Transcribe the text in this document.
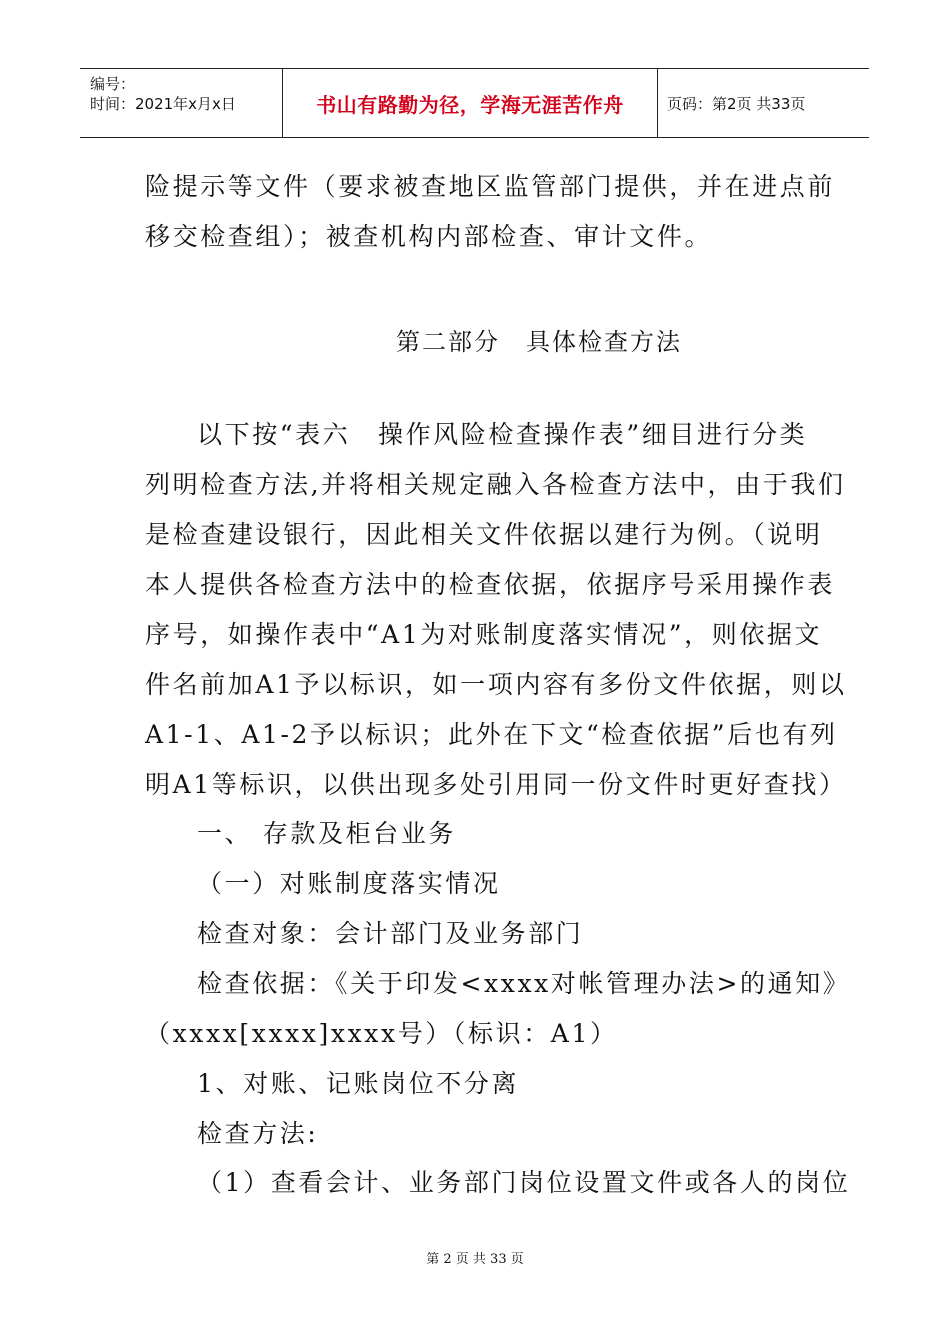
编号：
时间：2021年x月x日	书山有路勤为径，学海无涯苦作舟	页码：第2页 共33页
险提示等文件（要求被查地区监管部门提供，并在进点前
移交检查组）；被查机构内部检查、审计文件。
第二部分　具体检查方法
以下按“表六　操作风险检查操作表”细目进行分类
列明检查方法,并将相关规定融入各检查方法中，由于我们
是检查建设银行，因此相关文件依据以建行为例。（说明
本人提供各检查方法中的检查依据，依据序号采用操作表
序号，如操作表中“A1为对账制度落实情况”，则依据文
件名前加A1予以标识，如一项内容有多份文件依据，则以
A1-1、A1-2予以标识；此外在下文“检查依据”后也有列
明A1等标识，以供出现多处引用同一份文件时更好查找）
一、 存款及柜台业务
（一）对账制度落实情况
检查对象：会计部门及业务部门
检查依据：《关于印发<xxxx对帐管理办法>的通知》
（xxxx[xxxx]xxxx号）（标识：A1）
1、对账、记账岗位不分离
检查方法:
（1）查看会计、业务部门岗位设置文件或各人的岗位
第 2 页 共 33 页
